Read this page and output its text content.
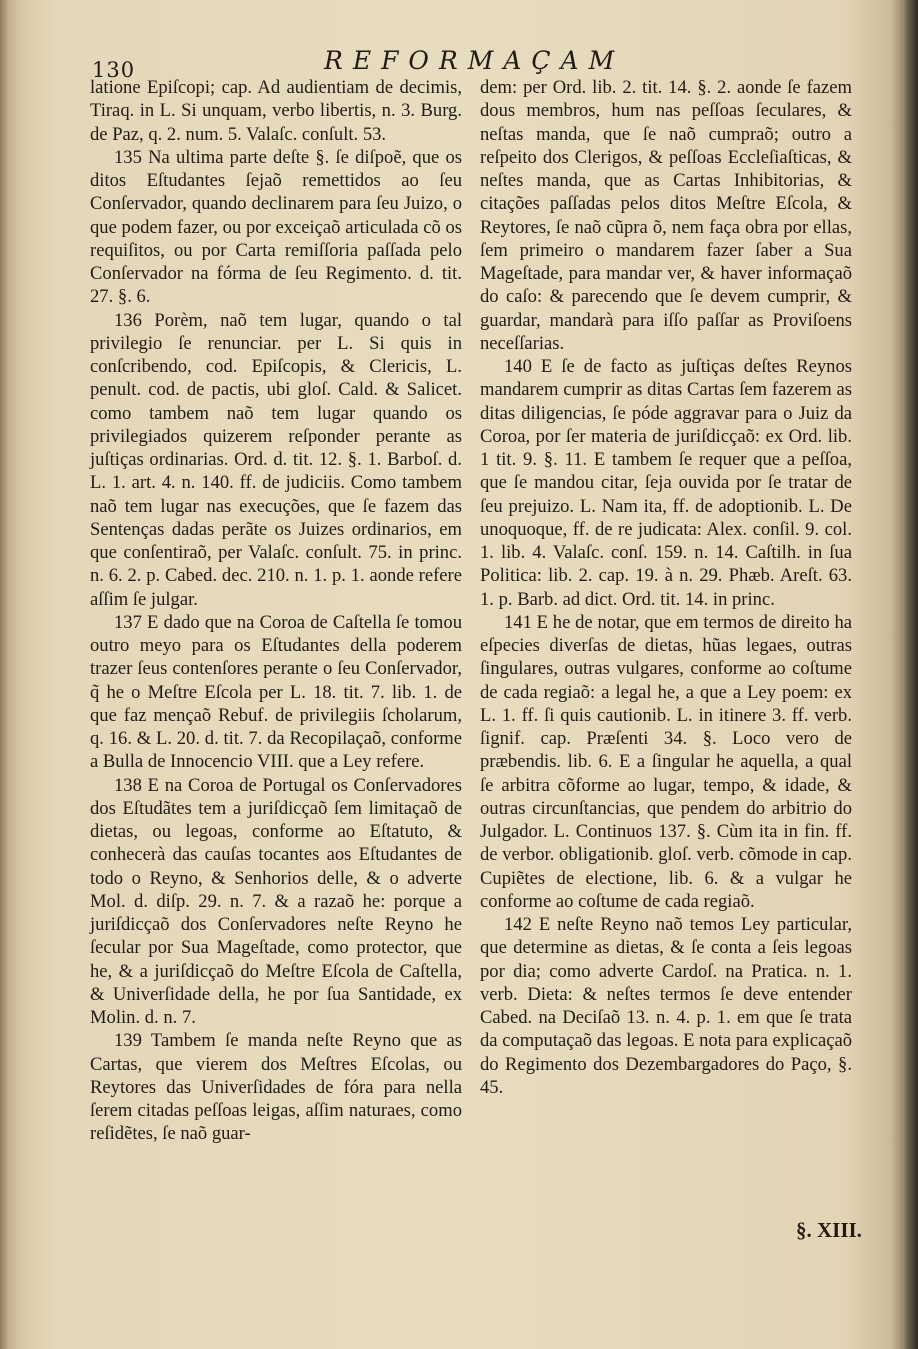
130	REFORMAÇAM

latione Epiſcopi; cap. Ad audientiam de decimis, Tiraq. in L. Si unquam, verbo libertis, n. 3. Burg. de Paz, q. 2. num. 5. Valaſc. conſult. 53.

135 Na ultima parte deſte §. ſe diſpoẽ, que os ditos Eſtudantes ſejaõ remettidos ao ſeu Conſervador, quando declinarem para ſeu Juizo, o que podem fazer, ou por exceiçaõ articulada cõ os requiſitos, ou por Carta remiſſoria paſſada pelo Conſervador na fórma de ſeu Regimento. d. tit. 27. §. 6.

136 Porèm, naõ tem lugar, quando o tal privilegio ſe renunciar. per L. Si quis in conſcribendo, cod. Epiſcopis, & Clericis, L. penult. cod. de pactis, ubi gloſ. Cald. & Salicet. como tambem naõ tem lugar quando os privilegiados quizerem reſponder perante as juſtiças ordinarias. Ord. d. tit. 12. §. 1. Barboſ. d. L. 1. art. 4. n. 140. ff. de judiciis. Como tambem naõ tem lugar nas execuções, que ſe fazem das Sentenças dadas perãte os Juizes ordinarios, em que conſentiraõ, per Valaſc. conſult. 75. in princ. n. 6. 2. p. Cabed. dec. 210. n. 1. p. 1. aonde refere aſſim ſe julgar.

137 E dado que na Coroa de Caſtella ſe tomou outro meyo para os Eſtudantes della poderem trazer ſeus contenſores perante o ſeu Conſervador, q̃ he o Meſtre Eſcola per L. 18. tit. 7. lib. 1. de que faz mençaõ Rebuf. de privilegiis ſcholarum, q. 16. & L. 20. d. tit. 7. da Recopilaçaõ, conforme a Bulla de Innocencio VIII. que a Ley refere.

138 E na Coroa de Portugal os Conſervadores dos Eſtudãtes tem a juriſdicçaõ ſem limitaçaõ de dietas, ou legoas, conforme ao Eſtatuto, & conhecerà das cauſas tocantes aos Eſtudantes de todo o Reyno, & Senhorios delle, & o adverte Mol. d. diſp. 29. n. 7. & a razaõ he: porque a juriſdicçaõ dos Conſervadores neſte Reyno he ſecular por Sua Mageſtade, como protector, que he, & a juriſdicçaõ do Meſtre Eſcola de Caſtella, & Univerſidade della, he por ſua Santidade, ex Molin. d. n. 7.

139 Tambem ſe manda neſte Reyno que as Cartas, que vierem dos Meſtres Eſcolas, ou Reytores das Univerſidades de fóra para nella ſerem citadas peſſoas leigas, aſſim naturaes, como reſidẽtes, ſe naõ guar-

dem: per Ord. lib. 2. tit. 14. §. 2. aonde ſe fazem dous membros, hum nas peſſoas ſeculares, & neſtas manda, que ſe naõ cumpraõ; outro a reſpeito dos Clerigos, & peſſoas Eccleſiaſticas, & neſtes manda, que as Cartas Inhibitorias, & citações paſſadas pelos ditos Meſtre Eſcola, & Reytores, ſe naõ cũpra õ, nem faça obra por ellas, ſem primeiro o mandarem fazer ſaber a Sua Mageſtade, para mandar ver, & haver informaçaõ do caſo: & parecendo que ſe devem cumprir, & guardar, mandarà para iſſo paſſar as Proviſoens neceſſarias.

140 E ſe de facto as juſtiças deſtes Reynos mandarem cumprir as ditas Cartas ſem fazerem as ditas diligencias, ſe póde aggravar para o Juiz da Coroa, por ſer materia de juriſdicçaõ: ex Ord. lib. 1 tit. 9. §. 11. E tambem ſe requer que a peſſoa, que ſe mandou citar, ſeja ouvida por ſe tratar de ſeu prejuizo. L. Nam ita, ff. de adoptionib. L. De unoquoque, ff. de re judicata: Alex. conſil. 9. col. 1. lib. 4. Valaſc. conſ. 159. n. 14. Caſtilh. in ſua Politica: lib. 2. cap. 19. à n. 29. Phæb. Areſt. 63. 1. p. Barb. ad dict. Ord. tit. 14. in princ.

141 E he de notar, que em termos de direito ha eſpecies diverſas de dietas, hũas legaes, outras ſingulares, outras vulgares, conforme ao coſtume de cada regiaõ: a legal he, a que a Ley poem: ex L. 1. ff. ſi quis cautionib. L. in itinere 3. ff. verb. ſignif. cap. Præſenti 34. §. Loco vero de præbendis. lib. 6. E a ſingular he aquella, a qual ſe arbitra cõforme ao lugar, tempo, & idade, & outras circunſtancias, que pendem do arbitrio do Julgador. L. Continuos 137. §. Cùm ita in fin. ff. de verbor. obligationib. gloſ. verb. cõmode in cap. Cupiẽtes de electione, lib. 6. & a vulgar he conforme ao coſtume de cada regiaõ.

142 E neſte Reyno naõ temos Ley particular, que determine as dietas, & ſe conta a ſeis legoas por dia; como adverte Cardoſ. na Pratica. n. 1. verb. Dieta: & neſtes termos ſe deve entender Cabed. na Deciſaõ 13. n. 4. p. 1. em que ſe trata da computaçaõ das legoas. E nota para explicaçaõ do Regimento dos Dezembargadores do Paço, §. 45.

§. XIII.
